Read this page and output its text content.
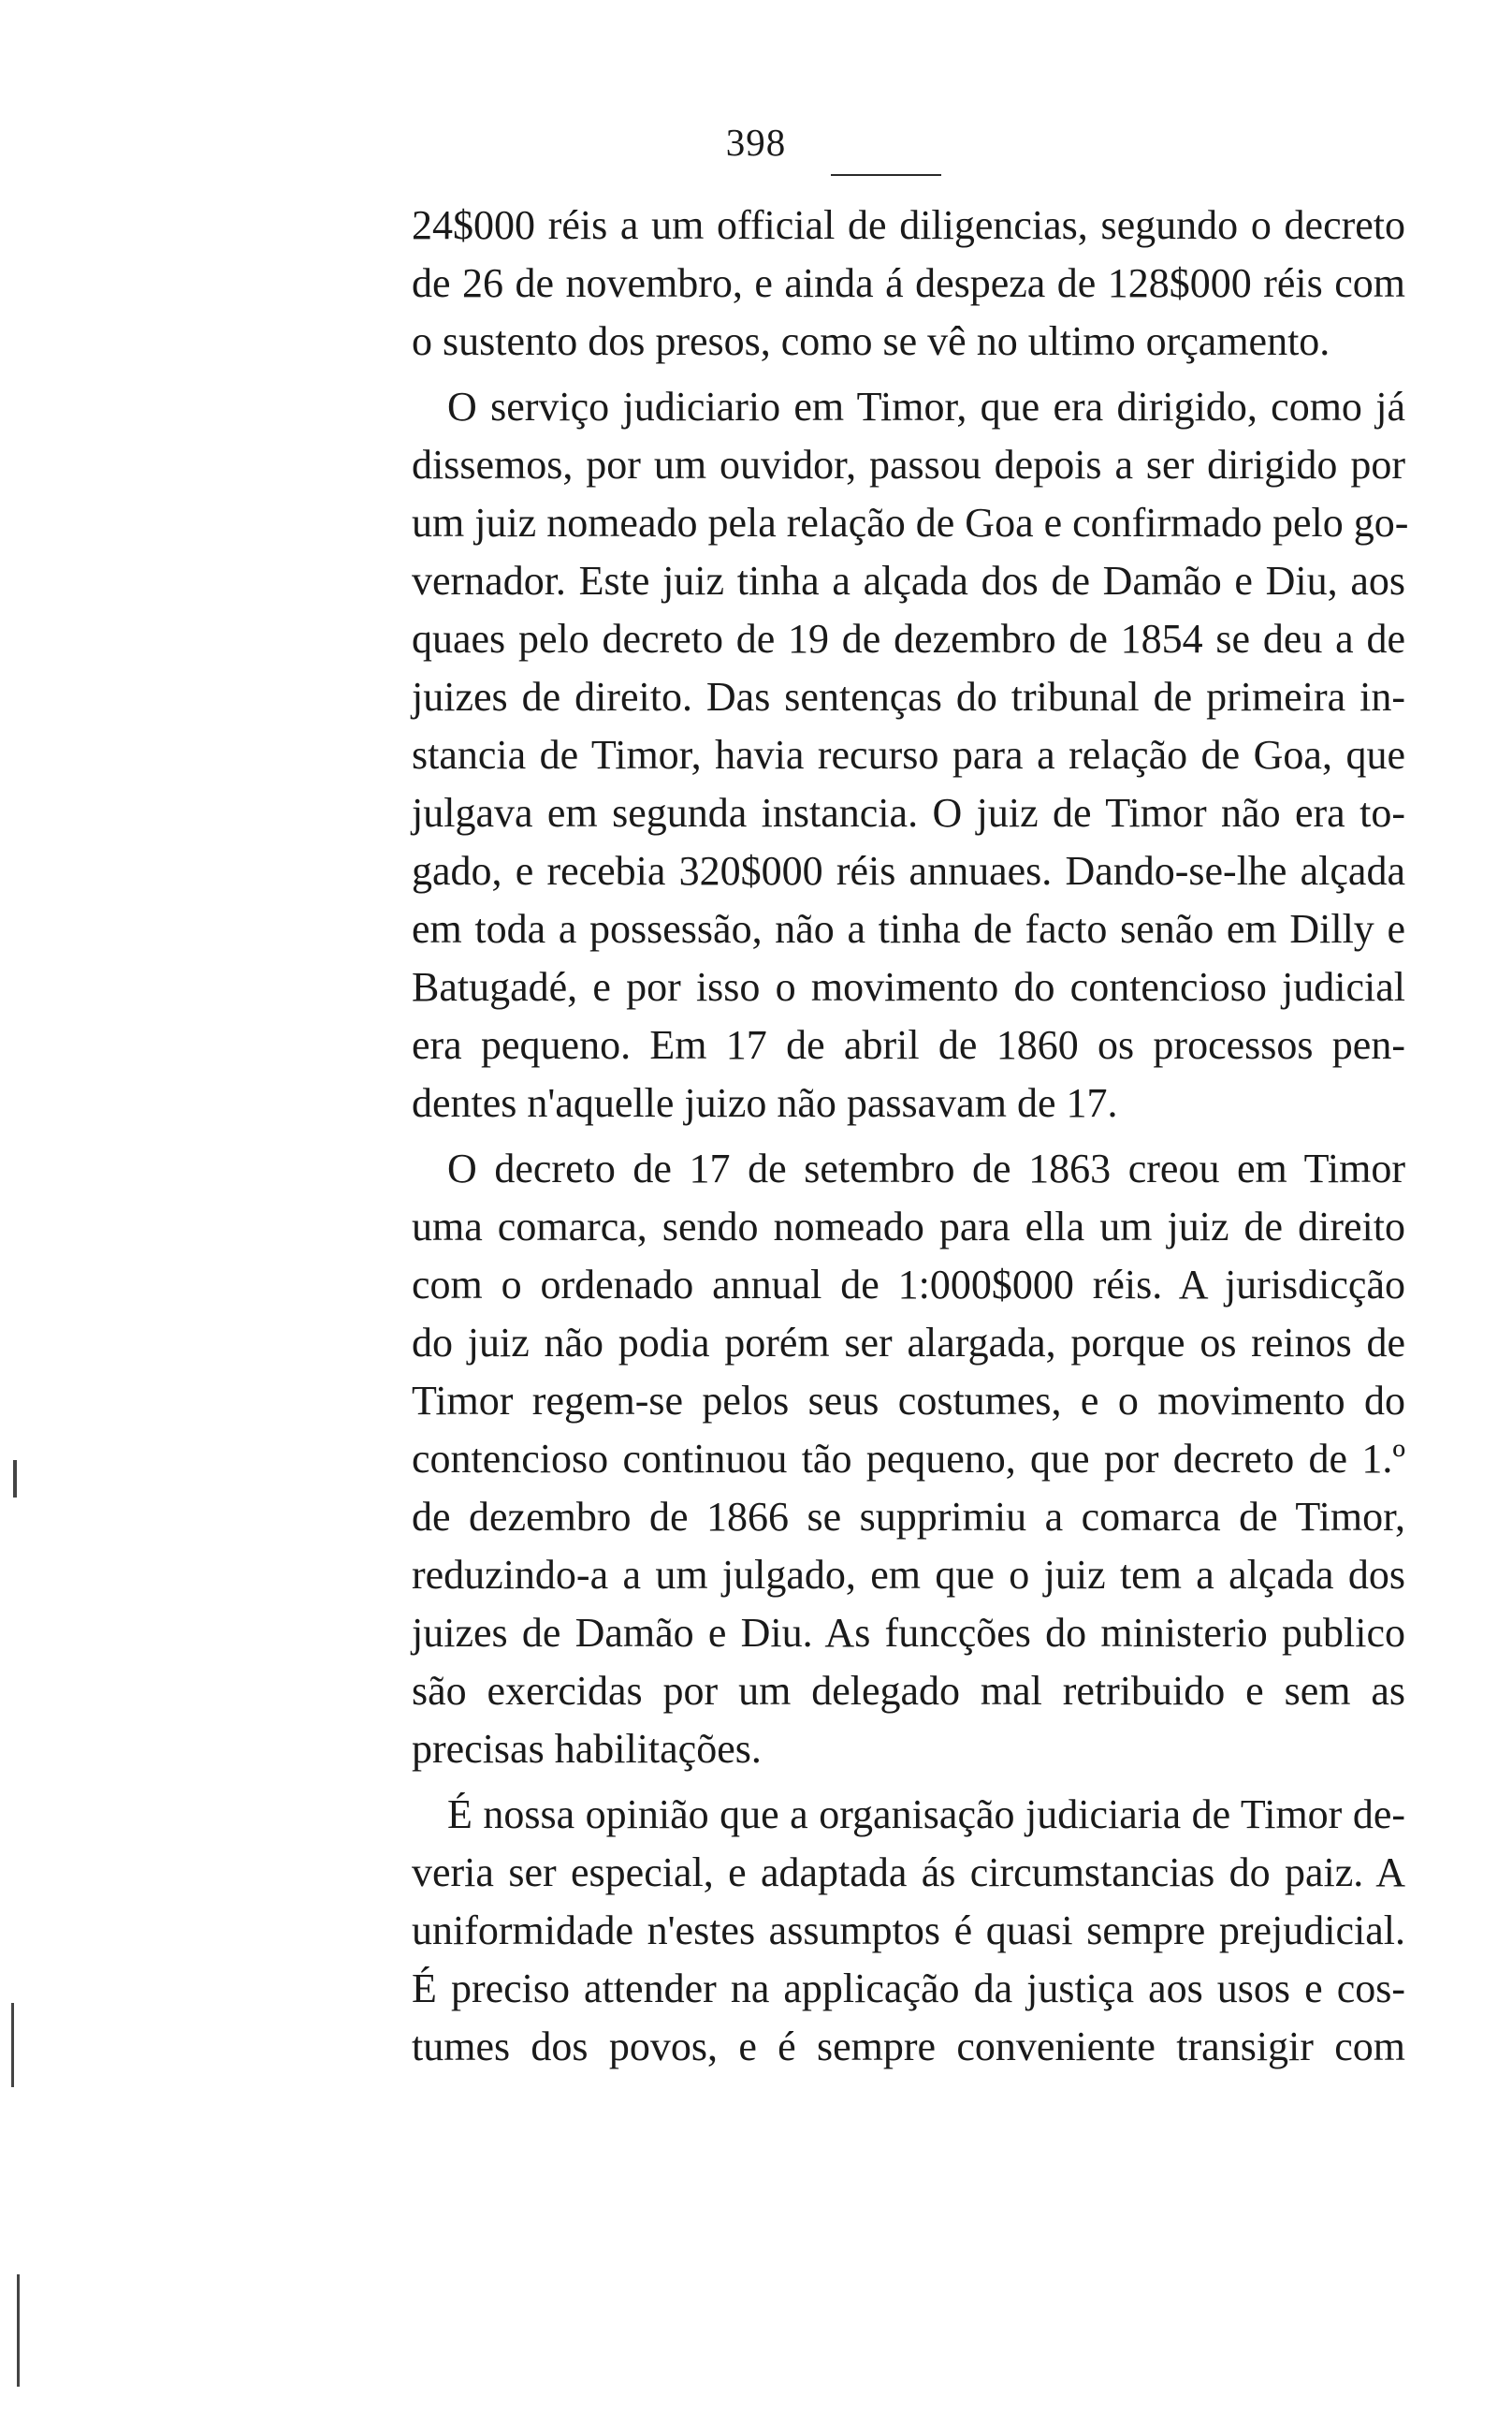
398
24$000 réis a um official de diligencias, segundo o decreto
de 26 de novembro, e ainda á despeza de 128$000 réis com
o sustento dos presos, como se vê no ultimo orçamento.
O serviço judiciario em Timor, que era dirigido, como já
dissemos, por um ouvidor, passou depois a ser dirigido por
um juiz nomeado pela relação de Goa e confirmado pelo go-
vernador. Este juiz tinha a alçada dos de Damão e Diu, aos
quaes pelo decreto de 19 de dezembro de 1854 se deu a de
juizes de direito. Das sentenças do tribunal de primeira in-
stancia de Timor, havia recurso para a relação de Goa, que
julgava em segunda instancia. O juiz de Timor não era to-
gado, e recebia 320$000 réis annuaes. Dando-se-lhe alçada
em toda a possessão, não a tinha de facto senão em Dilly e
Batugadé, e por isso o movimento do contencioso judicial
era pequeno. Em 17 de abril de 1860 os processos pen-
dentes n'aquelle juizo não passavam de 17.
O decreto de 17 de setembro de 1863 creou em Timor
uma comarca, sendo nomeado para ella um juiz de direito
com o ordenado annual de 1:000$000 réis. A jurisdicção
do juiz não podia porém ser alargada, porque os reinos de
Timor regem-se pelos seus costumes, e o movimento do
contencioso continuou tão pequeno, que por decreto de 1.º
de dezembro de 1866 se supprimiu a comarca de Timor,
reduzindo-a a um julgado, em que o juiz tem a alçada dos
juizes de Damão e Diu. As funcções do ministerio publico
são exercidas por um delegado mal retribuido e sem as
precisas habilitações.
É nossa opinião que a organisação judiciaria de Timor de-
veria ser especial, e adaptada ás circumstancias do paiz. A
uniformidade n'estes assumptos é quasi sempre prejudicial.
É preciso attender na applicação da justiça aos usos e cos-
tumes dos povos, e é sempre conveniente transigir com
